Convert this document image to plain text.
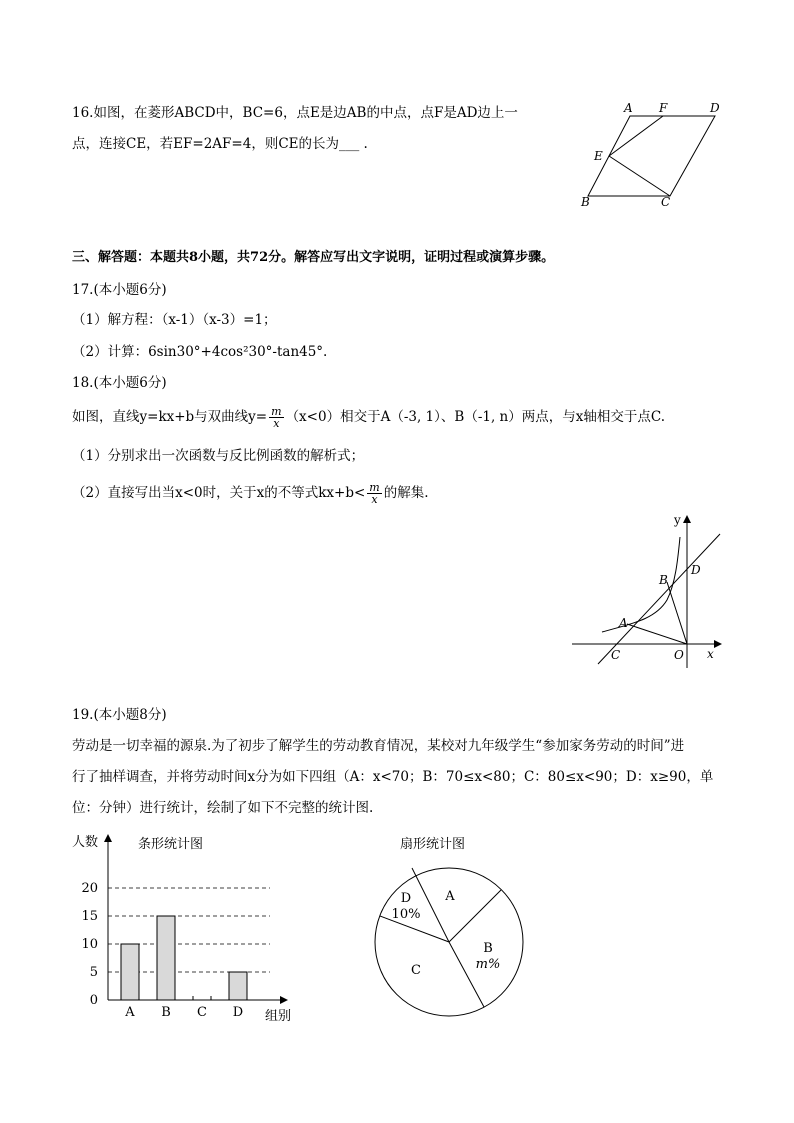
16.如图，在菱形ABCD中，BC=6，点E是边AB的中点，点F是AD边上一
点，连接CE，若EF=2AF=4，则CE的长为___ .
A F	D
E
B	C
三、解答题：本题共8小题，共72分。解答应写出文字说明，证明过程或演算步骤。
17.(本小题6分)
（1）解方程：（x-1）（x-3）=1；
（2）计算：6sin30°+4cos²30°-tan45°.
18.(本小题6分)
如图，直线y=kx+b与双曲线$y= \frac{m}{x} (x<0)$相交于A（-3, 1）、B（-1, n）两点，与x轴相交于点C.
（1）分别求出一次函数与反比例函数的解析式；
（2）直接写出当x<0时，关于x的不等式$kx+b< \frac{m}{x}$ 的解集.
y
x
B
D
A
C	O
19.(本小题8分)
劳动是一切幸福的源泉.为了初步了解学生的劳动教育情况，某校对九年级学生“参加家务劳动的时间”进
行了抽样调查，并将劳动时间x分为如下四组（A：x<70；B：70≤x<80；C：80≤x<90；D：x≥90，单
位：分钟）进行统计，绘制了如下不完整的统计图.
人数	条形统计图
0
5
10
15
20
A B C D 组别
扇形统计图
A
B
m%
C
D
10%
